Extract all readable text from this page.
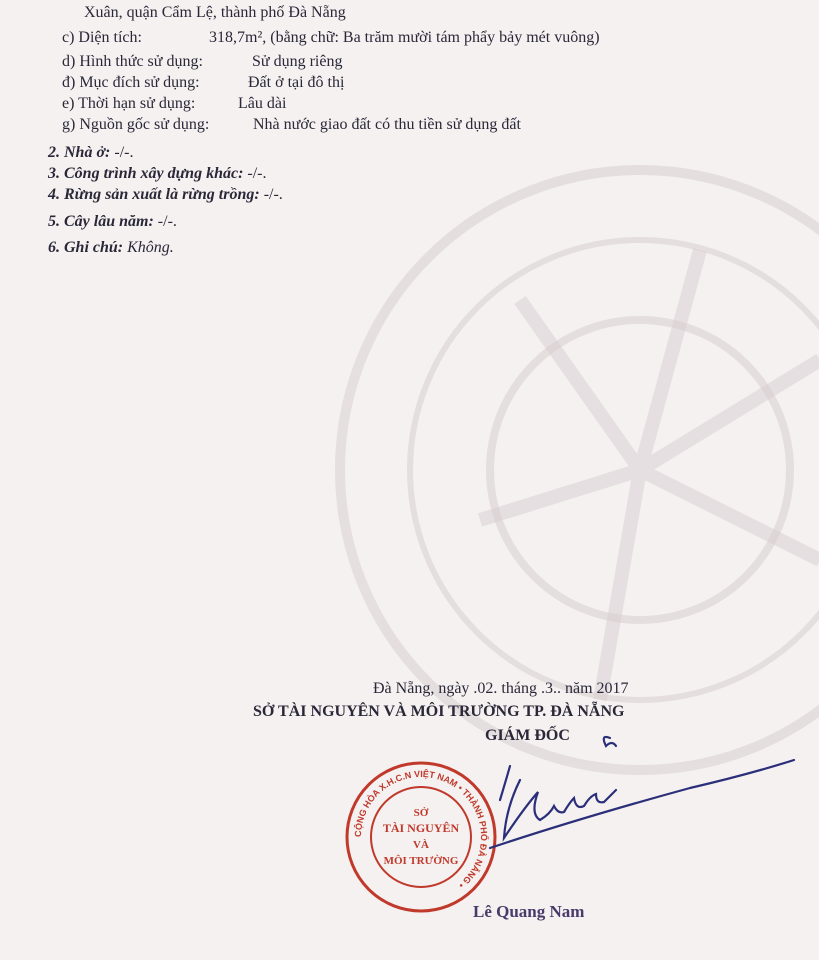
Xuân, quận Cẩm Lệ, thành phố Đà Nẵng
c) Diện tích:	318,7m², (bằng chữ: Ba trăm mười tám phẩy bảy mét vuông)
d) Hình thức sử dụng:	Sử dụng riêng
đ) Mục đích sử dụng:	Đất ở tại đô thị
e) Thời hạn sử dụng:	Lâu dài
g) Nguồn gốc sử dụng:	Nhà nước giao đất có thu tiền sử dụng đất
2. Nhà ở: -/-.
3. Công trình xây dựng khác: -/-.
4. Rừng sản xuất là rừng trồng: -/-.
5. Cây lâu năm: -/-.
6. Ghi chú: Không.
Đà Nẵng, ngày .02. tháng .3.. năm 2017
SỞ TÀI NGUYÊN VÀ MÔI TRƯỜNG TP. ĐÀ NẴNG
GIÁM ĐỐC
CỘNG HÒA X.H.C.N VIỆT NAM • THÀNH PHỐ ĐÀ NẴNG •
SỞ
TÀI NGUYÊN
VÀ
MÔI TRƯỜNG
Lê Quang Nam
